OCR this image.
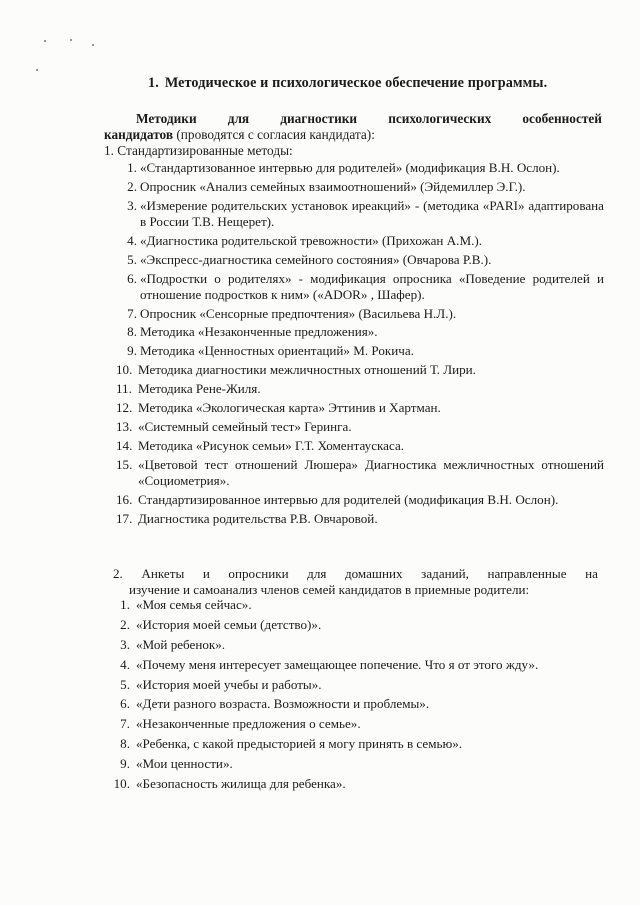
1. Методическое и психологическое обеспечение программы.
Методики для диагностики психологических особенностей
кандидатов (проводятся с согласия кандидата):
1. Стандартизированные методы:
1. «Стандартизованное интервью для родителей» (модификация В.Н. Ослон).
2. Опросник «Анализ семейных взаимоотношений» (Эйдемиллер Э.Г.).
3. «Измерение родительских установок иреакций» - (методика «PARI» адаптирована в России Т.В. Нещерет).
4. «Диагностика родительской тревожности» (Прихожан А.М.).
5. «Экспресс-диагностика семейного состояния» (Овчарова Р.В.).
6. «Подростки о родителях» - модификация опросника «Поведение родителей и отношение подростков к ним» («ADOR» , Шафер).
7. Опросник «Сенсорные предпочтения» (Васильева Н.Л.).
8. Методика «Незаконченные предложения».
9. Методика «Ценностных ориентаций» М. Рокича.
10. Методика диагностики межличностных отношений Т. Лири.
11. Методика Рене-Жиля.
12. Методика «Экологическая карта» Эттинив и Хартман.
13. «Системный семейный тест» Геринга.
14. Методика «Рисунок семьи» Г.Т. Хоментаускаса.
15. «Цветовой тест отношений Люшера» Диагностика межличностных отношений «Социометрия».
16. Стандартизированное интервью для родителей (модификация В.Н. Ослон).
17. Диагностика родительства Р.В. Овчаровой.
2. Анкеты и опросники для домашних заданий, направленные на
изучение и самоанализ членов семей кандидатов в приемные родители:
1. «Моя семья сейчас».
2. «История моей семьи (детство)».
3. «Мой ребенок».
4. «Почему меня интересует замещающее попечение. Что я от этого жду».
5. «История моей учебы и работы».
6. «Дети разного возраста. Возможности и проблемы».
7. «Незаконченные предложения о семье».
8. «Ребенка, с какой предысторией я могу принять в семью».
9. «Мои ценности».
10. «Безопасность жилища для ребенка».
